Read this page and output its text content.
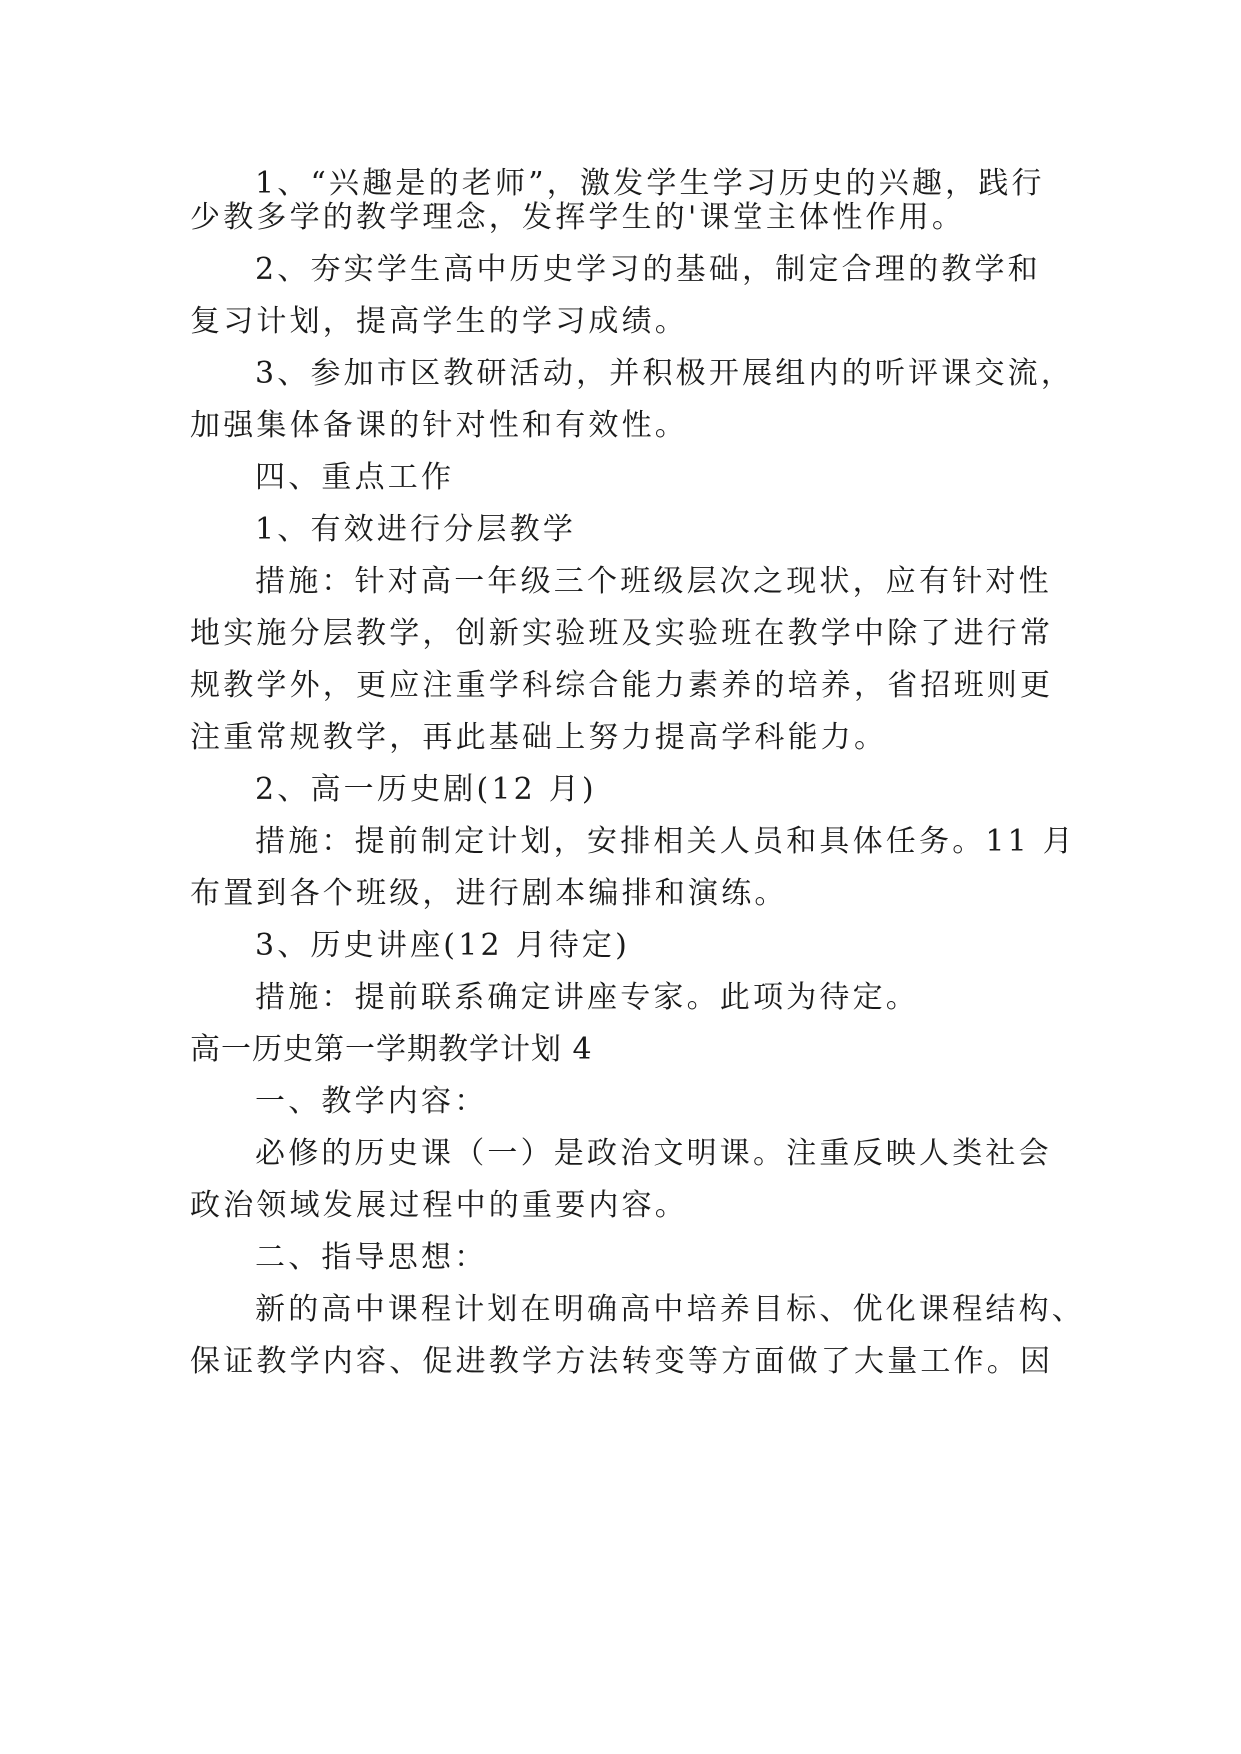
1、“兴趣是的老师”，激发学生学习历史的兴趣，践行
少教多学的教学理念，发挥学生的'课堂主体性作用。
2、夯实学生高中历史学习的基础，制定合理的教学和
复习计划，提高学生的学习成绩。
3、参加市区教研活动，并积极开展组内的听评课交流，
加强集体备课的针对性和有效性。
四、重点工作
1、有效进行分层教学
措施：针对高一年级三个班级层次之现状，应有针对性
地实施分层教学，创新实验班及实验班在教学中除了进行常
规教学外，更应注重学科综合能力素养的培养，省招班则更
注重常规教学，再此基础上努力提高学科能力。
2、高一历史剧(12 月)
措施：提前制定计划，安排相关人员和具体任务。11 月
布置到各个班级，进行剧本编排和演练。
3、历史讲座(12 月待定)
措施：提前联系确定讲座专家。此项为待定。
高一历史第一学期教学计划 4
一、教学内容：
必修的历史课（一）是政治文明课。注重反映人类社会
政治领域发展过程中的重要内容。
二、指导思想：
新的高中课程计划在明确高中培养目标、优化课程结构、
保证教学内容、促进教学方法转变等方面做了大量工作。因
